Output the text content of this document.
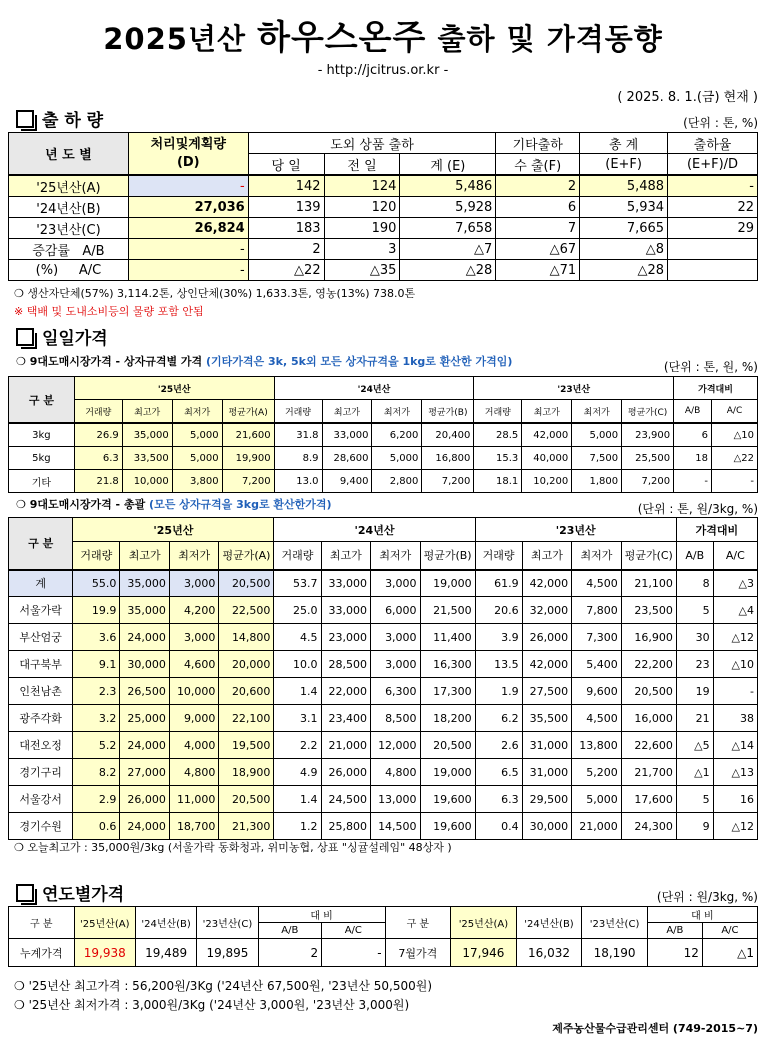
2025년산 하우스온주 출하 및 가격동향
- http://jcitrus.or.kr -
( 2025. 8. 1.(금) 현재 )
출 하 량	(단위 : 톤, %)
년 도 별	처리및계획량
(D)	도외 상품 출하			기타출하	총 계	출하율
		당 일	전 일	계 (E)	수 출(F)	(E+F)	(E+F)/D
'25년산(A)	-	142	124	5,486	2	5,488	-
'24년산(B)	27,036	139	120	5,928	6	5,934	22
'23년산(C)	26,824	183	190	7,658	7	7,665	29
증감률 A/B	-	2	3	△7	△67	△8	
(%) A/C	-	△22	△35	△28	△71	△28	
❍ 생산자단체(57%) 3,114.2톤, 상인단체(30%) 1,633.3톤, 영농(13%) 738.0톤
※ 택배 및 도내소비등의 물량 포함 안됨
일일가격
❍ 9대도매시장가격 - 상자규격별 가격 (기타가격은 3k, 5k외 모든 상자규격을 1kg로 환산한 가격임)	(단위 : 톤, 원, %)
구 분	'25년산				'24년산				'23년산				가격대비	
	거래량	최고가	최저가	평균가(A)	거래량	최고가	최저가	평균가(B)	거래량	최고가	최저가	평균가(C)	A/B	A/C
3kg	26.9	35,000	5,000	21,600	31.8	33,000	6,200	20,400	28.5	42,000	5,000	23,900	6	△10
5kg	6.3	33,500	5,000	19,900	8.9	28,600	5,000	16,800	15.3	40,000	7,500	25,500	18	△22
기타	21.8	10,000	3,800	7,200	13.0	9,400	2,800	7,200	18.1	10,200	1,800	7,200	-	-
❍ 9대도매시장가격 - 총괄 (모든 상자규격을 3kg로 환산한가격)	(단위 : 톤, 원/3kg, %)
구 분	'25년산				'24년산				'23년산				가격대비	
	거래량	최고가	최저가	평균가(A)	거래량	최고가	최저가	평균가(B)	거래량	최고가	최저가	평균가(C)	A/B	A/C
계	55.0	35,000	3,000	20,500	53.7	33,000	3,000	19,000	61.9	42,000	4,500	21,100	8	△3
서울가락	19.9	35,000	4,200	22,500	25.0	33,000	6,000	21,500	20.6	32,000	7,800	23,500	5	△4
부산엄궁	3.6	24,000	3,000	14,800	4.5	23,000	3,000	11,400	3.9	26,000	7,300	16,900	30	△12
대구북부	9.1	30,000	4,600	20,000	10.0	28,500	3,000	16,300	13.5	42,000	5,400	22,200	23	△10
인천남촌	2.3	26,500	10,000	20,600	1.4	22,000	6,300	17,300	1.9	27,500	9,600	20,500	19	-
광주각화	3.2	25,000	9,000	22,100	3.1	23,400	8,500	18,200	6.2	35,500	4,500	16,000	21	38
대전오정	5.2	24,000	4,000	19,500	2.2	21,000	12,000	20,500	2.6	31,000	13,800	22,600	△5	△14
경기구리	8.2	27,000	4,800	18,900	4.9	26,000	4,800	19,000	6.5	31,000	5,200	21,700	△1	△13
서울강서	2.9	26,000	11,000	20,500	1.4	24,500	13,000	19,600	6.3	29,500	5,000	17,600	5	16
경기수원	0.6	24,000	18,700	21,300	1.2	25,800	14,500	19,600	0.4	30,000	21,000	24,300	9	△12
❍ 오늘최고가 : 35,000원/3kg (서울가락 동화청과, 위미농협, 상표 "싱귤설레임" 48상자 )
연도별가격	(단위 : 원/3kg, %)
구 분	'25년산(A)	'24년산(B)	'23년산(C)	대 비		구 분	'25년산(A)	'24년산(B)	'23년산(C)	대 비	
				A/B	A/C					A/B	A/C
누계가격	19,938	19,489	19,895	2	-	7월가격	17,946	16,032	18,190	12	△1
❍ '25년산 최고가격 : 56,200원/3Kg ('24년산 67,500원, '23년산 50,500원)
❍ '25년산 최저가격 : 3,000원/3Kg ('24년산 3,000원, '23년산 3,000원)
제주농산물수급관리센터 (749-2015~7)
